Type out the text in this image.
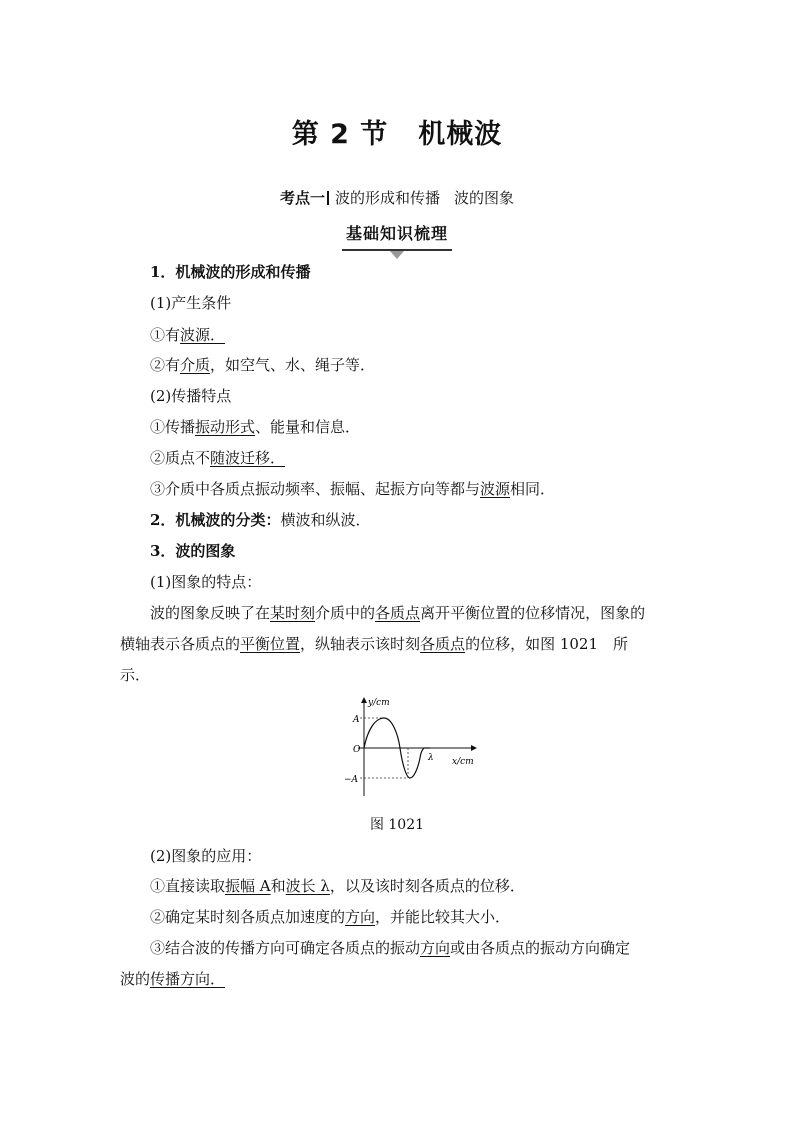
第 2 节 机械波
考点一 波的形成和传播 波的图象
基础知识梳理
1．机械波的形成和传播
(1)产生条件
①有波源．
②有介质，如空气、水、绳子等．
(2)传播特点
①传播振动形式、能量和信息．
②质点不随波迁移．
③介质中各质点振动频率、振幅、起振方向等都与波源相同．
2．机械波的分类：横波和纵波．
3．波的图象
(1)图象的特点：
波的图象反映了在某时刻介质中的各质点离开平衡位置的位移情况，图象的
横轴表示各质点的平衡位置，纵轴表示该时刻各质点的位移，如图 1021　所
示．
y/cm
x/cm
A
O
−A
λ
图 1021
(2)图象的应用：
①直接读取振幅 A和波长 λ，以及该时刻各质点的位移．
②确定某时刻各质点加速度的方向，并能比较其大小．
③结合波的传播方向可确定各质点的振动方向或由各质点的振动方向确定
波的传播方向．
